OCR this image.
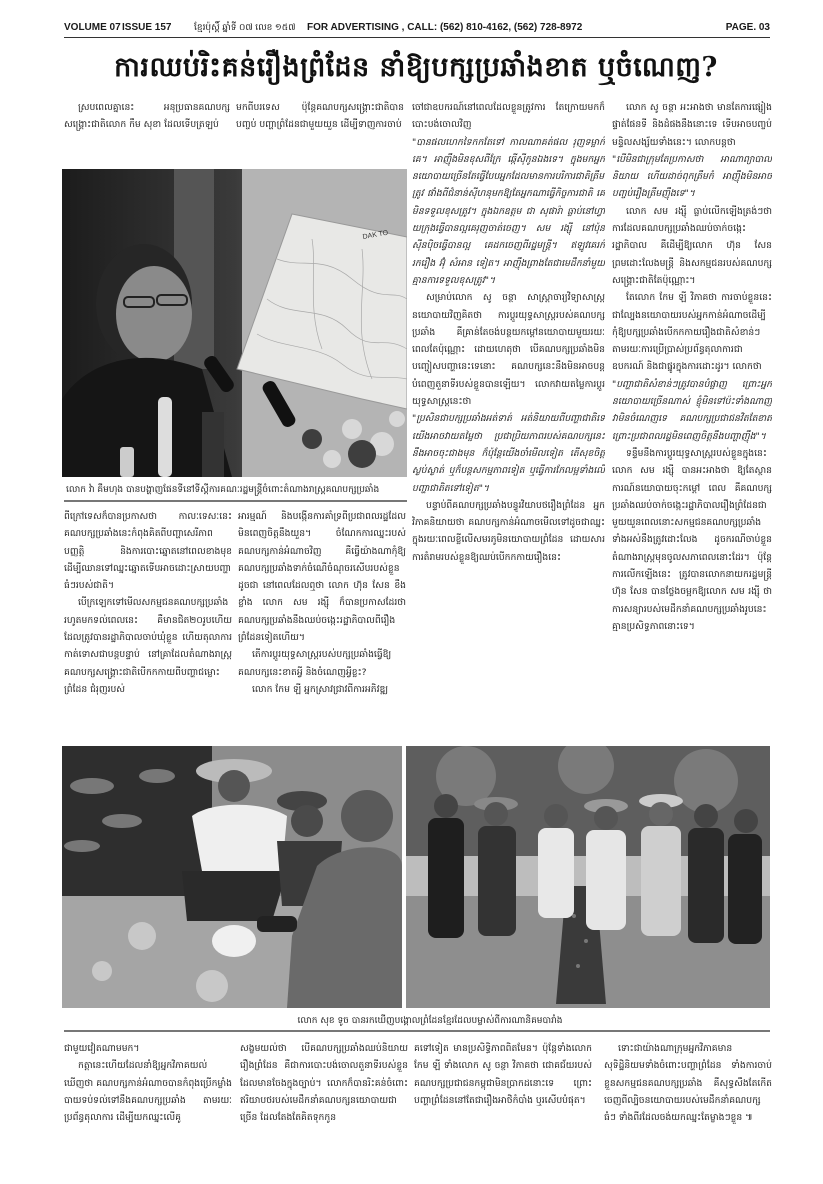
VOLUME 07 ISSUE 157	ខ្មែរប៉ុស្តិ៍ ឆ្នាំទី ០៧ លេខ ១៥៧ FOR ADVERTISING , CALL: (562) 810-4162, (562) 728-8972	PAGE. 03
ការឈប់រិះគន់រឿងព្រំដែន នាំឱ្យបក្សប្រឆាំងខាត ឬចំណេញ?

ស្របពេលគ្នានេះ អនុប្រធានគណបក្សសង្គ្រោះជាតិលោក កឹម សុខា ដែលទើបត្រឡប់

មកពីបរទេស ប៉ុន្តែគណបក្សសង្គ្រោះជាតិបានបញ្ចប់ បញ្ហាព្រំដែនជាមួយយួន ដើម្បីទាញការចាប់

DAK TO
លោក វ៉ា គឹមហុង បានបង្ហាញផែនទីនៅទីស្តីការគណៈរដ្ឋមន្ត្រីចំពោះតំណាងរាស្ត្រគណបក្សប្រឆាំង

ចៅជាឧបករណ៍នៅពេលដែលខ្លួនត្រូវការ តែក្រោយមកក៏បោះបង់ចោលវិញ

"បានផលហេកទៃកកតែទៅ កាលណាគត់ផល រុញទម្លាក់គេ។ អាញ៉ឹងមិនខុសពីក្រែ ឆ្កើស៊ីកូនឯងទេ។ ក្នុងមកអ្នកនយោបាយច្រើនតែធ្វើបែបអ្នកដែលមានការបរិការជាតិត្រឹមត្រូវ ផាំងពីជំនាន់ស៊ីហនុមកឱ្យតែអ្នកណាធ្វើកិច្ចការជាតិ គេមិនទទួលខុសត្រូវ។ ក្នុងឯកឧត្តម ជា សុផារ៉ា ធ្លាប់នៅហ្វាយក្រុងធ្វើបានល្អគេរុញចាត់ចេញ។ សម រង្ស៊ី នៅប៉ុនស៊ីនបុិចធ្វើបានល្អ គេដកចេញពីរដ្ឋមន្ត្រី។ ឥឡូវគេរក់រករឿង អ៊ុំ សំអាន ទៀត។ អាញ៉ឹងព្រាងតែជាមេដឹកនាំមួយគ្មានការទទួលខុសត្រូវ"។

សម្រាប់លោក សូ ចន្ថា សាស្ត្រាចារ្យវិទ្យាសាស្ត្រនយោបាយវិញគិតថា ការប្តូរយុទ្ធសាស្ត្ររបស់គណបក្សប្រឆាំង គឺគ្រាន់តែចង់បន្ថយកម្តៅនយោបាយមួយរយៈពេលតែប៉ុណ្ណោះ ដោយហេតុថា បើគណបក្សប្រឆាំងមិនបញ្ចៀសបញ្ហានេះទេនោះ គណបក្សនេះនឹងមិនអាចបន្តបំពេញតួនាទីរបស់ខ្លួនបានឡើយ។ លោកវាយតម្លៃការប្តូរយុទ្ធសាស្ត្រនេះថា

"ប្រសិនជាបក្សប្រឆាំងអត់ទាត់ អត់និយាយពីបញ្ហាជាតិទេ យើងអាចវាយតម្លៃថា ប្រជាប្រិយភាពរបស់គណបក្សនេះនឹងអាចចុះជាងមុន ក៏ប៉ុន្តែយើងចាំមើលទៀត តើសុខចិត្តស្ងប់ស្ងាត់ ឬក៏បន្តសកម្មភាពទៀត ឬធ្វើការកែលម្អទាំងលើបញ្ហាជាតិតទៅទៀត"។

បន្ទាប់ពីគណបក្សប្រឆាំងបន្ធូរវិយាបថរឿងព្រំដែន អ្នកវិភាគនិយាយថា គណបក្សកាន់អំណាចមើលទៅដូចជាឈ្នះក្នុងរយៈពេលខ្លីលើសមរភូមិនយោបាយព្រំដែន ដោយសារការតំរាមរបស់ខ្លួនឱ្យឈប់បើកកកាយរឿងនេះ

លោក សូ ចន្ថា អះអាងថា មានតែការផ្សៀងផ្ទាត់ផែនទី និងដំផងនឹងនោះទេ ទើបអាចបញ្ចប់មន្ទិលសង្ស័យទាំងនេះ។ លោកបន្តថា

"បើមិនជាក្រុមតែប្រកាសថា អាណាព្យាបាលនិយាយ ហើយដាច់ពុកត្រឹមកំ អាញ៉ឹងមិនអាចបញ្ចប់រឿងត្រឹមញ៉ឹងទេ"។

លោក សម រង្ស៊ី ធ្លាប់លើកឡើងត្រង់ៗថា ការដែលគណបក្សប្រឆាំងឈប់ចាក់ចង្កេះរដ្ឋាភិបាល គឺដើម្បីឱ្យលោក ហ៊ុន សែន ព្រមដោះលែងមន្ត្រី និងសកម្មជនរបស់គណបក្សសង្គ្រោះជាតិតែប៉ុណ្ណោះ។

តែលោក កែម ឡី វិភាគថា ការចាប់ខ្លួននេះជាល្បែងនយោបាយរបស់អ្នកកាន់អំណាចដើម្បីកុំឱ្យបក្សប្រឆាំងបើកកកាយរឿងជាតិសំខាន់ៗ តាមរយៈការប្រើប្រាស់ប្រព័ន្ធតុលាការជាឧបករណ៍ និងជាផ្នូរក្នុងការដោះដូរ។ លោកថា

"បញ្ហាជាតិសំខាន់ៗត្រូវបានបំផ្លាញ ព្រោះអ្នកនយោបាយច្រើនណាស់ ខ្ញុំមិនទៅប៉ះទាំងណាញ វាមិនចំណេញទេ គណបក្សប្រជាជនវិតតែខាត ព្រោះប្រជាពលរដ្ឋមិនពេញចិត្តនឹងបញ្ហាញ៉ឹង"។

ទន្ទឹមនឹងការប្តូរយុទ្ធសាស្ត្ររបស់ខ្លួនក្នុងនេះ លោក សម រង្ស៊ី បានអះអាងថា ឱ្យតែស្ថានការណ៍នយោបាយចុះកម្តៅ ពេល គឺគណបក្សប្រឆាំងឈប់ចាក់ចង្កេះរដ្ឋាភិបាលរឿងព្រំដែនជាមួយយួនពេលនោះសកម្មជនគណបក្សប្រឆាំងទាំងអស់នឹងត្រូវដោះលែង ដូចករណីចាប់ខ្លួនតំណាងរាស្ត្រមុនចូលសភាពេលនោះដែរ។ ប៉ុន្តែការលើកឡើងនេះ ត្រូវបានលោកនាយករដ្ឋមន្ត្រី ហ៊ុន សែន បានថ្លែងចម្អកឱ្យលោក សម រង្ស៊ី ថា ការសន្យារបស់មេដឹកនាំគណបក្សប្រឆាំងរូបនេះគ្មានប្រសិទ្ធភាពនោះទេ។

ពីក្រៅទេសក៏បានប្រកាសថា កាលៈទេសៈនេះ គណបក្សប្រឆាំងនេះកំពុងគិតពីបញ្ហាសេរីភាពបញ្ញត្តិ និងការបោះឆ្នោតនៅពេលខាងមុខ ដើម្បីឈានទៅឈ្នះឆ្នោតទើបអាចដោះស្រាយបញ្ហាធំៗរបស់ជាតិ។

បើក្រឡេកទៅមើលសកម្មជនគណបក្សប្រឆាំងរហូតមកទល់ពេលនេះ គឺមានជិត២០រូបហើយ ដែលត្រូវបានរដ្ឋាភិបាលចាប់ឃុំខ្លួន ហើយតុលាការកាត់ទោសជាបន្តបន្ទាប់ នៅគ្រាដែលតំណាងរាស្ត្រគណបក្សសង្គ្រោះជាតិបើកកកាយពីបញ្ហាជម្លោះព្រំដែន ជំរុញរបស់

អារម្មណ៍ និងបង្កើនការគាំទ្រពីប្រជាពលរដ្ឋដែលមិនពេញចិត្តនឹងយួន។ ចំណែកការឈ្នះរបស់គណបក្សកាន់អំណាចវិញ គឺធ្វើយ៉ាងណាកុំឱ្យគណបក្សប្រឆាំងទាក់ចំណើចំណុចរសើបរបស់ខ្លួនដូចជា នៅពេលដែលឮថា លោក ហ៊ុន សែន ខឹងខ្លាំង លោក សម រង្ស៊ី ក៏បានប្រកាសដែរថា គណបក្សប្រឆាំងនឹងឈប់ចង្កេះរដ្ឋាភិបាលពីរឿងព្រំដែនទៀតហើយ។

តើការប្តូរយុទ្ធសាស្ត្ររបស់បក្សប្រឆាំងធ្វើឱ្យគណបក្សនេះខាតអ្វី និងចំណេញអ្វីខ្លះ?

លោក កែម ឡី អ្នកស្រាវជ្រាវពីការអភិវឌ្ឍ

លោក សុខ ទូច បានរកឃើញបង្គោលព្រំដែនខ្មែរដែលបម្លាស់ពីការណានិគមបារាំង

ជាមួយវៀតណាមមក។

កត្តានេះហើយដែលនាំឱ្យអ្នកវិភាគយល់ឃើញថា គណបក្សកាន់អំណាចបានកំពុងប្រើកម្លាំងបាយទប់ទល់ទៅនឹងគណបក្សប្រឆាំង តាមរយៈប្រព័ន្ធតុលាការ ដើម្បីយកឈ្នះលើគូ

សង្ខមយល់ថា បើគណបក្សប្រឆាំងឈប់និយាយរឿងព្រំដែន គឺជាការបោះបង់ចោលតួនាទីរបស់ខ្លួនដែលមានចែងក្នុងច្បាប់។ លោកក៏បានរិះគន់ចំពោះឥរិយាបថរបស់មេដឹកនាំគណបក្សនយោបាយជាច្រើន ដែលតែងតែគិតទុកកូន

គទៅទៀត មានប្រសិទ្ធិភាពពិតមែន។ ប៉ុន្តែទាំងលោក កែម ឡី ទាំងលោក សូ ចន្ថា វិភាគថា ជោគជ័យរបស់គណបក្សប្រជាជនកម្ពុជាមិនប្រាកដនោះទេ ព្រោះបញ្ហាព្រំដែននៅតែជារឿងអាថិកំបាំង ឬរសើបបំផុត។

ទោះជាយ៉ាងណាក្រុមអ្នកវិភាគមានសុទិដ្ឋិនិយមទាំងចំពោះបញ្ហាព្រំដែន ទាំងការចាប់ខ្លួនសកម្មជនគណបក្សប្រឆាំង គឺសុទ្ធសឹងតែកើតចេញពីល្បិចនយោបាយរបស់មេដឹកនាំគណបក្សធំៗ ទាំងពីរដែលចង់យកឈ្នះតែម្ខាងៗខ្លួន ៕
